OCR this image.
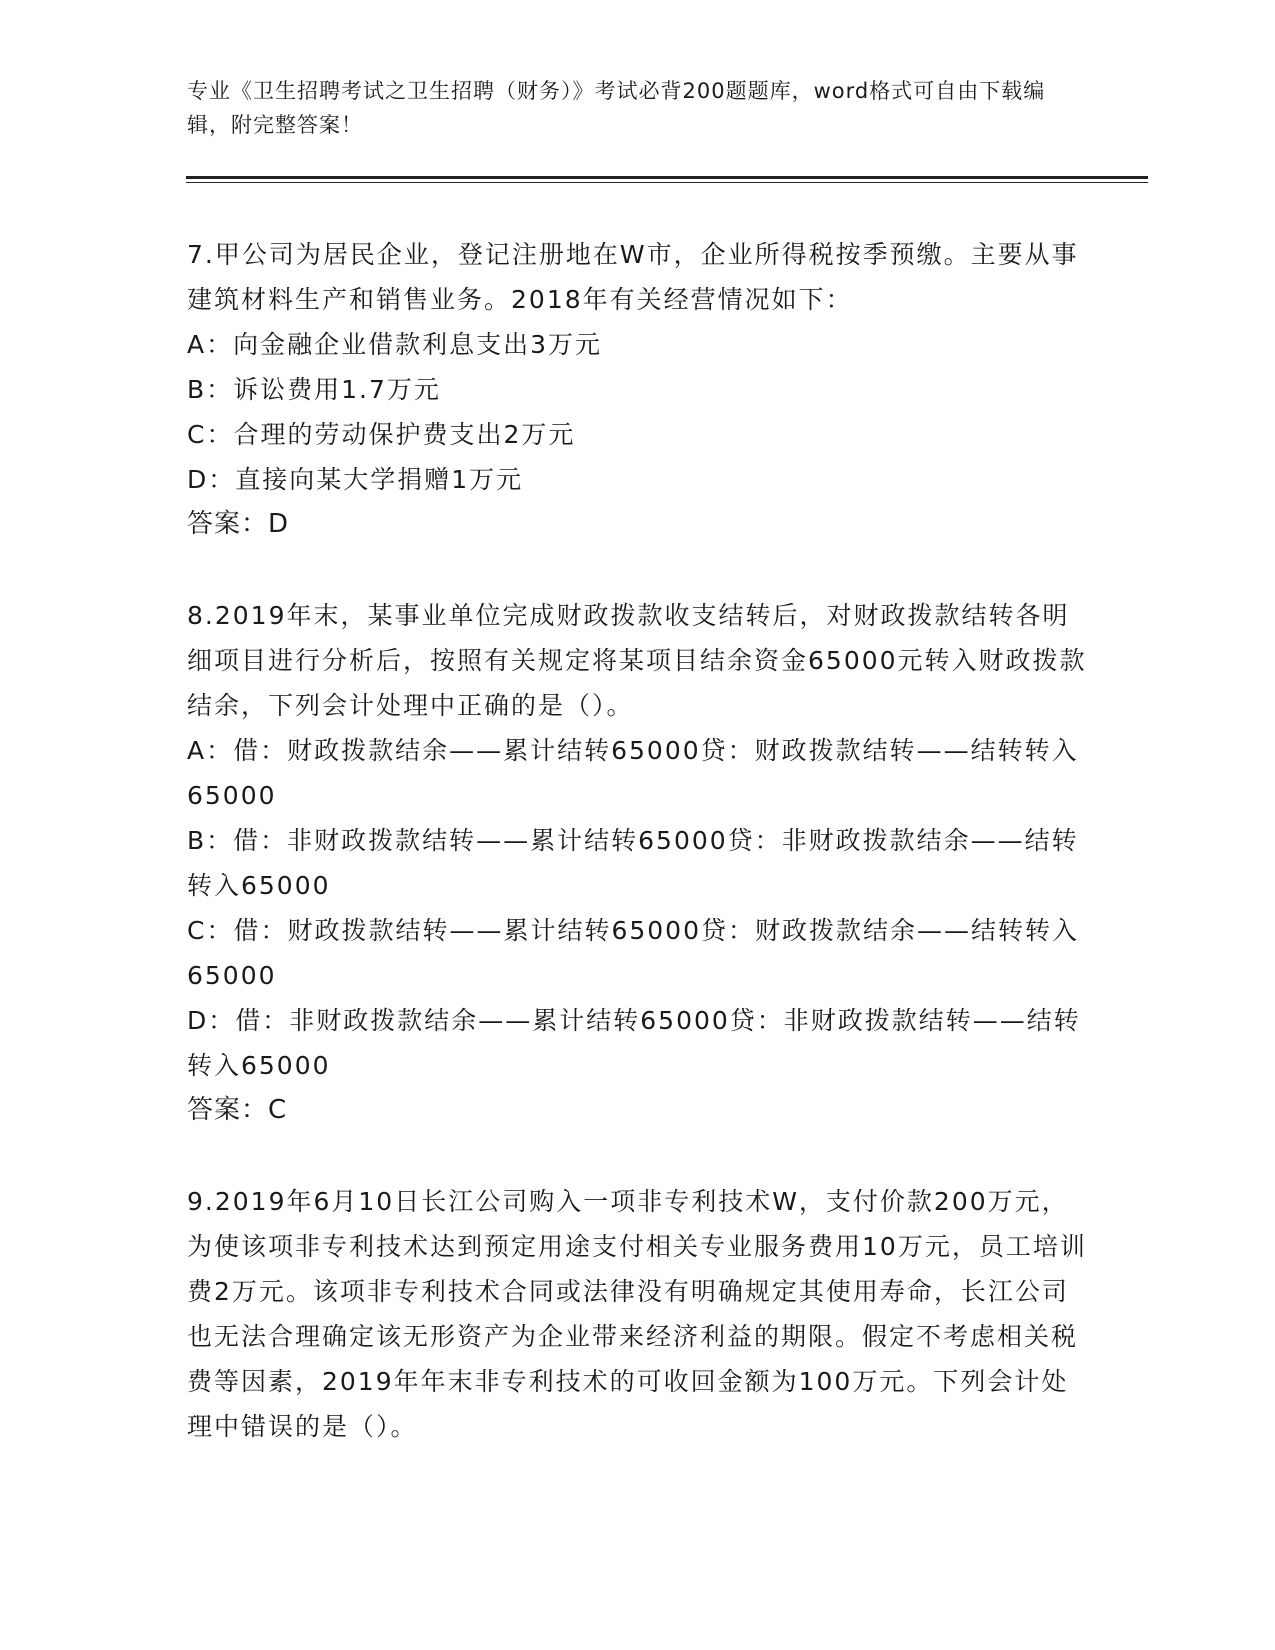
专业《卫生招聘考试之卫生招聘（财务）》考试必背200题题库，word格式可自由下载编辑，附完整答案！

7.甲公司为居民企业，登记注册地在W市，企业所得税按季预缴。主要从事建筑材料生产和销售业务。2018年有关经营情况如下：

A：向金融企业借款利息支出3万元

B：诉讼费用1.7万元

C：合理的劳动保护费支出2万元

D：直接向某大学捐赠1万元

答案：D

8.2019年末，某事业单位完成财政拨款收支结转后，对财政拨款结转各明细项目进行分析后，按照有关规定将某项目结余资金65000元转入财政拨款结余，下列会计处理中正确的是（）。

A：借：财政拨款结余——累计结转65000贷：财政拨款结转——结转转入65000

B：借：非财政拨款结转——累计结转65000贷：非财政拨款结余——结转转入65000

C：借：财政拨款结转——累计结转65000贷：财政拨款结余——结转转入65000

D：借：非财政拨款结余——累计结转65000贷：非财政拨款结转——结转转入65000

答案：C

9.2019年6月10日长江公司购入一项非专利技术W，支付价款200万元，为使该项非专利技术达到预定用途支付相关专业服务费用10万元，员工培训费2万元。该项非专利技术合同或法律没有明确规定其使用寿命，长江公司也无法合理确定该无形资产为企业带来经济利益的期限。假定不考虑相关税费等因素，2019年年末非专利技术的可收回金额为100万元。下列会计处理中错误的是（）。
